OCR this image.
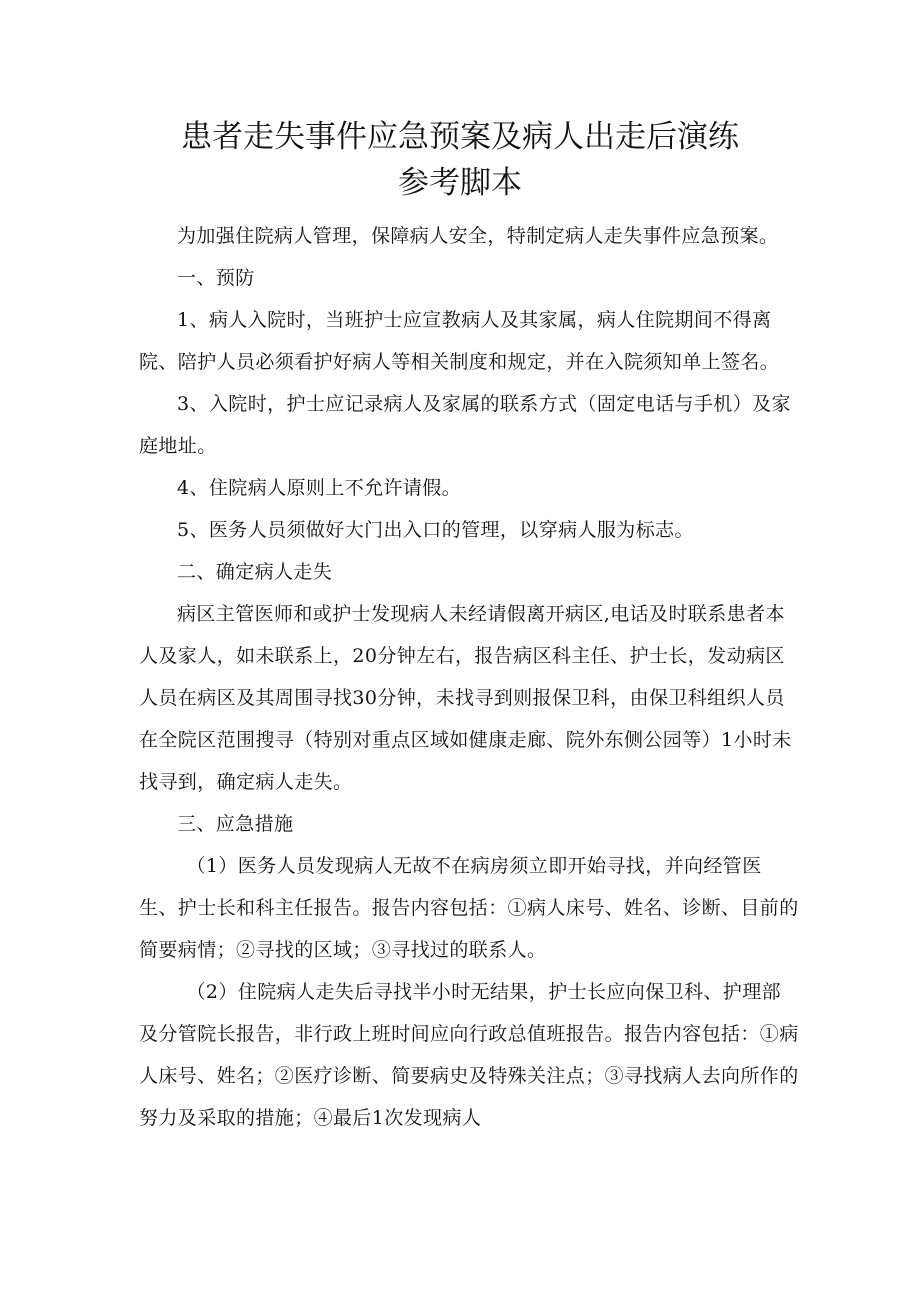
患者走失事件应急预案及病人出走后演练
参考脚本

为加强住院病人管理，保障病人安全，特制定病人走失事件应急预案。

一、预防

1、病人入院时，当班护士应宣教病人及其家属，病人住院期间不得离院、陪护人员必须看护好病人等相关制度和规定，并在入院须知单上签名。

3、入院时，护士应记录病人及家属的联系方式（固定电话与手机）及家庭地址。

4、住院病人原则上不允许请假。

5、医务人员须做好大门出入口的管理，以穿病人服为标志。

二、确定病人走失

病区主管医师和或护士发现病人未经请假离开病区,电话及时联系患者本人及家人，如未联系上，20分钟左右，报告病区科主任、护士长，发动病区人员在病区及其周围寻找30分钟，未找寻到则报保卫科，由保卫科组织人员在全院区范围搜寻（特别对重点区域如健康走廊、院外东侧公园等）1小时未找寻到，确定病人走失。

三、应急措施

（1）医务人员发现病人无故不在病房须立即开始寻找，并向经管医生、护士长和科主任报告。报告内容包括：①病人床号、姓名、诊断、目前的简要病情；②寻找的区域；③寻找过的联系人。

（2）住院病人走失后寻找半小时无结果，护士长应向保卫科、护理部及分管院长报告，非行政上班时间应向行政总值班报告。报告内容包括：①病人床号、姓名；②医疗诊断、简要病史及特殊关注点；③寻找病人去向所作的努力及采取的措施；④最后1次发现病人
